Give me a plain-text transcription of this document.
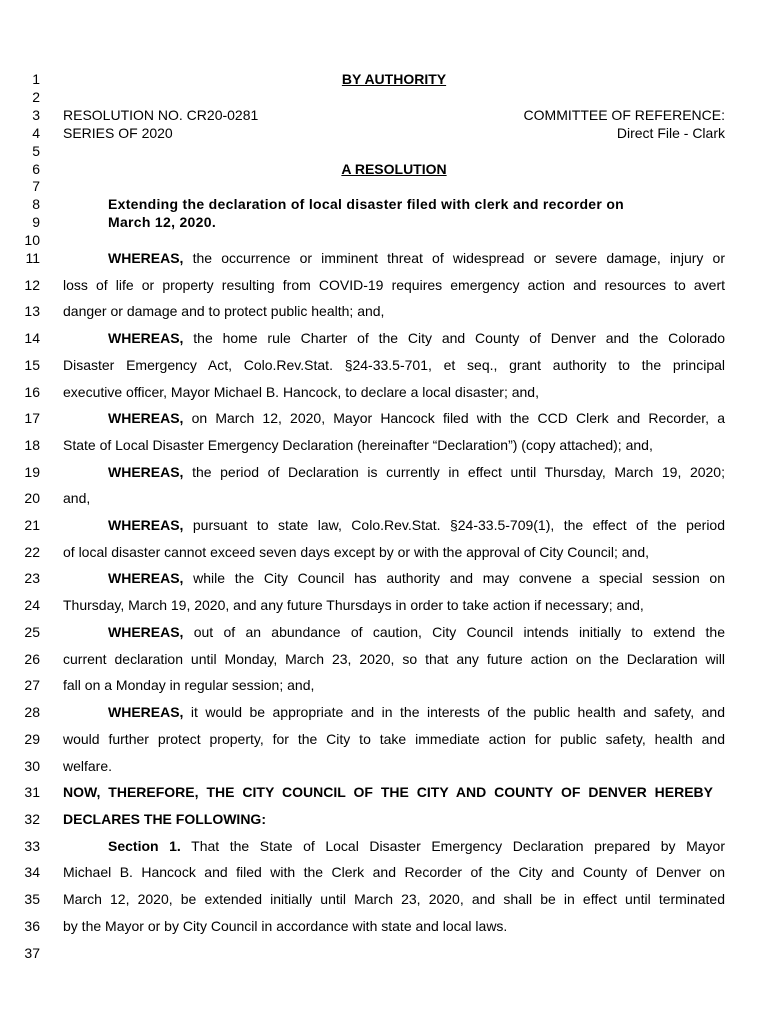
1
2
3
4
5
6
7
8
9
10
11
12
13
14
15
16
17
18
19
20
21
22
23
24
25
26
27
28
29
30
31
32
33
34
35
36
37
BY AUTHORITY
RESOLUTION NO. CR20-0281	COMMITTEE OF REFERENCE:
SERIES OF 2020	Direct File - Clark
A RESOLUTION
Extending the declaration of local disaster filed with clerk and recorder on
March 12, 2020.
WHEREAS, the occurrence or imminent threat of widespread or severe damage, injury or
loss of life or property resulting from COVID-19 requires emergency action and resources to avert
danger or damage and to protect public health; and,
WHEREAS, the home rule Charter of the City and County of Denver and the Colorado
Disaster Emergency Act, Colo.Rev.Stat. §24-33.5-701, et seq., grant authority to the principal
executive officer, Mayor Michael B. Hancock, to declare a local disaster; and,
WHEREAS, on March 12, 2020, Mayor Hancock filed with the CCD Clerk and Recorder, a
State of Local Disaster Emergency Declaration (hereinafter “Declaration”) (copy attached); and,
WHEREAS, the period of Declaration is currently in effect until Thursday, March 19, 2020;
and,
WHEREAS, pursuant to state law, Colo.Rev.Stat. §24-33.5-709(1), the effect of the period
of local disaster cannot exceed seven days except by or with the approval of City Council; and,
WHEREAS, while the City Council has authority and may convene a special session on
Thursday, March 19, 2020, and any future Thursdays in order to take action if necessary; and,
WHEREAS, out of an abundance of caution, City Council intends initially to extend the
current declaration until Monday, March 23, 2020, so that any future action on the Declaration will
fall on a Monday in regular session; and,
WHEREAS, it would be appropriate and in the interests of the public health and safety, and
would further protect property, for the City to take immediate action for public safety, health and
welfare.
NOW, THEREFORE, THE CITY COUNCIL OF THE CITY AND COUNTY OF DENVER HEREBY
DECLARES THE FOLLOWING:
Section 1. That the State of Local Disaster Emergency Declaration prepared by Mayor
Michael B. Hancock and filed with the Clerk and Recorder of the City and County of Denver on
March 12, 2020, be extended initially until March 23, 2020, and shall be in effect until terminated
by the Mayor or by City Council in accordance with state and local laws.
